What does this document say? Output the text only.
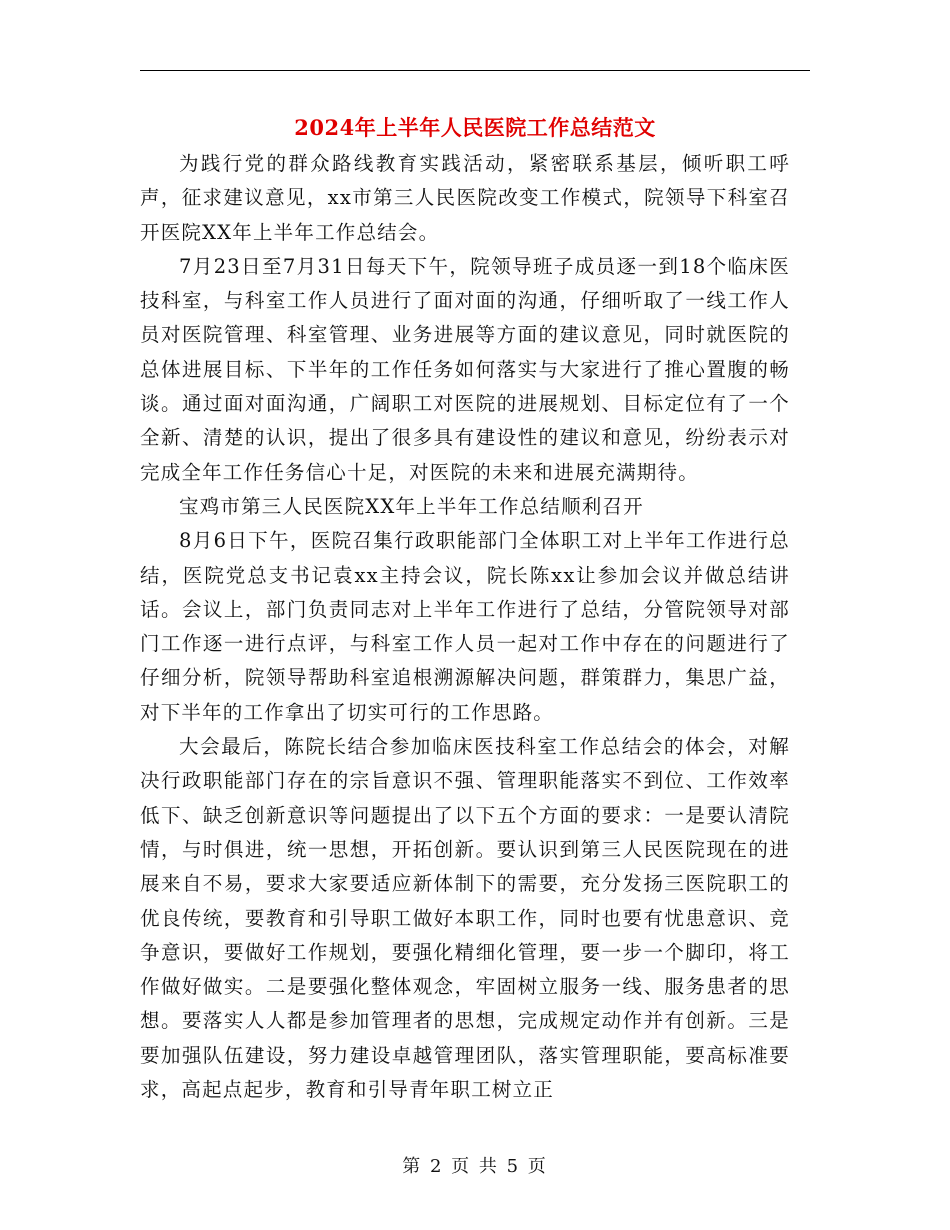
2024年上半年人民医院工作总结范文

为践行党的群众路线教育实践活动，紧密联系基层，倾听职工呼声，征求建议意见，xx市第三人民医院改变工作模式，院领导下科室召开医院XX年上半年工作总结会。

7月23日至7月31日每天下午，院领导班子成员逐一到18个临床医技科室，与科室工作人员进行了面对面的沟通，仔细听取了一线工作人员对医院管理、科室管理、业务进展等方面的建议意见，同时就医院的总体进展目标、下半年的工作任务如何落实与大家进行了推心置腹的畅谈。通过面对面沟通，广阔职工对医院的进展规划、目标定位有了一个全新、清楚的认识，提出了很多具有建设性的建议和意见，纷纷表示对完成全年工作任务信心十足，对医院的未来和进展充满期待。

宝鸡市第三人民医院XX年上半年工作总结顺利召开

8月6日下午，医院召集行政职能部门全体职工对上半年工作进行总结，医院党总支书记袁xx主持会议，院长陈xx让参加会议并做总结讲话。会议上，部门负责同志对上半年工作进行了总结，分管院领导对部门工作逐一进行点评，与科室工作人员一起对工作中存在的问题进行了仔细分析，院领导帮助科室追根溯源解决问题，群策群力，集思广益，对下半年的工作拿出了切实可行的工作思路。

大会最后，陈院长结合参加临床医技科室工作总结会的体会，对解决行政职能部门存在的宗旨意识不强、管理职能落实不到位、工作效率低下、缺乏创新意识等问题提出了以下五个方面的要求：一是要认清院情，与时俱进，统一思想，开拓创新。要认识到第三人民医院现在的进展来自不易，要求大家要适应新体制下的需要，充分发扬三医院职工的优良传统，要教育和引导职工做好本职工作，同时也要有忧患意识、竞争意识，要做好工作规划，要强化精细化管理，要一步一个脚印，将工作做好做实。二是要强化整体观念，牢固树立服务一线、服务患者的思想。要落实人人都是参加管理者的思想，完成规定动作并有创新。三是要加强队伍建设，努力建设卓越管理团队，落实管理职能，要高标准要求，高起点起步，教育和引导青年职工树立正

第 2 页 共 5 页
